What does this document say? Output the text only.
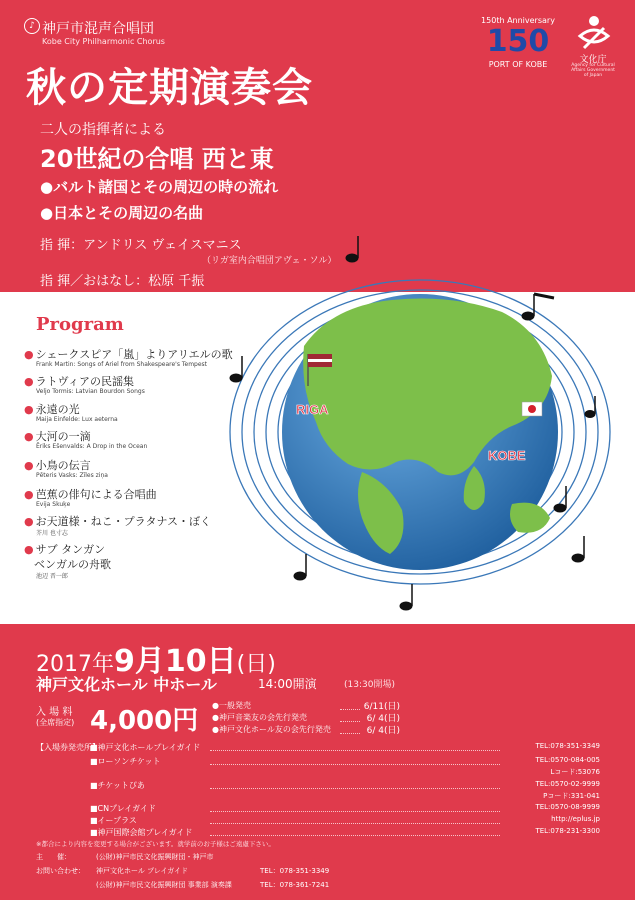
♪ 神戸市混声合唱団
Kobe City Philharmonic Chorus
150th Anniversary
150
PORT OF KOBE	文化庁
Agency for Cultural Affairs Government of Japan
秋の定期演奏会
二人の指揮者による
20世紀の合唱 西と東
●バルト諸国とその周辺の時の流れ
●日本とその周辺の名曲
指 揮：アンドリス ヴェイスマニス
（リガ室内合唱団アヴェ・ソル）
指 揮／おはなし：松原 千振
RIGA
KOBE
Program
2017年9月10日(日)
神戸文化ホール 中ホール	14:00開演	(13:30開場)
入 場 料
(全席指定) 4,000円
【入場券発売所】
※都合により内容を変更する場合がございます。就学前のお子様はご遠慮下さい。
● シェークスピア「嵐」よりアリエルの歌
Frank Martin: Songs of Ariel from Shakespeare's Tempest
● ラトヴィアの民謡集
Veljo Tormis: Latvian Bourdon Songs
● 永遠の光
Maija Einfelde: Lux aeterna
● 大河の一滴
Ēriks Ešenvalds: A Drop in the Ocean
● 小鳥の伝言
Pēteris Vasks: Zīles ziņa
● 芭蕉の俳句による合唱曲
Evija Skuķe
● お天道様・ねこ・プラタナス・ぼく
芥川 也寸志
● サブ タンガン
ベンガルの舟歌
池辺 晋一郎
●一般発売	6/11(日)
●神戸音楽友の会先行発売	6/ 4(日)
●神戸文化ホール友の会先行発売	6/ 4(日)
■神戸文化ホールプレイガイド	TEL:078-351-3349
■ローソンチケット	TEL:0570-084-005
Lコード:53076
■チケットぴあ	TEL:0570-02-9999
Pコード:331-041
■CNプレイガイド	TEL:0570-08-9999
■イープラス	http://eplus.jp
■神戸国際会館プレイガイド	TEL:078-231-3300
主　　催：	(公財)神戸市民文化振興財団・神戸市
お問い合わせ： 神戸文化ホール プレイガイド	TEL：078-351-3349
(公財)神戸市民文化振興財団 事業部 演奏課	TEL：078-361-7241
